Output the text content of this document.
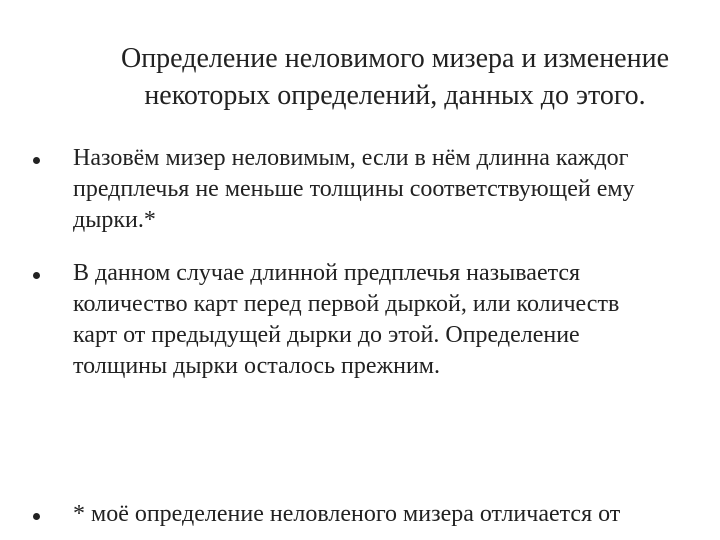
Определение неловимого мизера и изменение
некоторых определений, данных до этого.
Назовём мизер неловимым, если в нём длинна каждог
предплечья не меньше толщины соответствующей ему
дырки.*
В данном случае длинной предплечья называется
количество карт перед первой дыркой, или количеств
карт от предыдущей дырки до этой. Определение
толщины дырки осталось прежним.
* моё определение неловленого мизера отличается от
